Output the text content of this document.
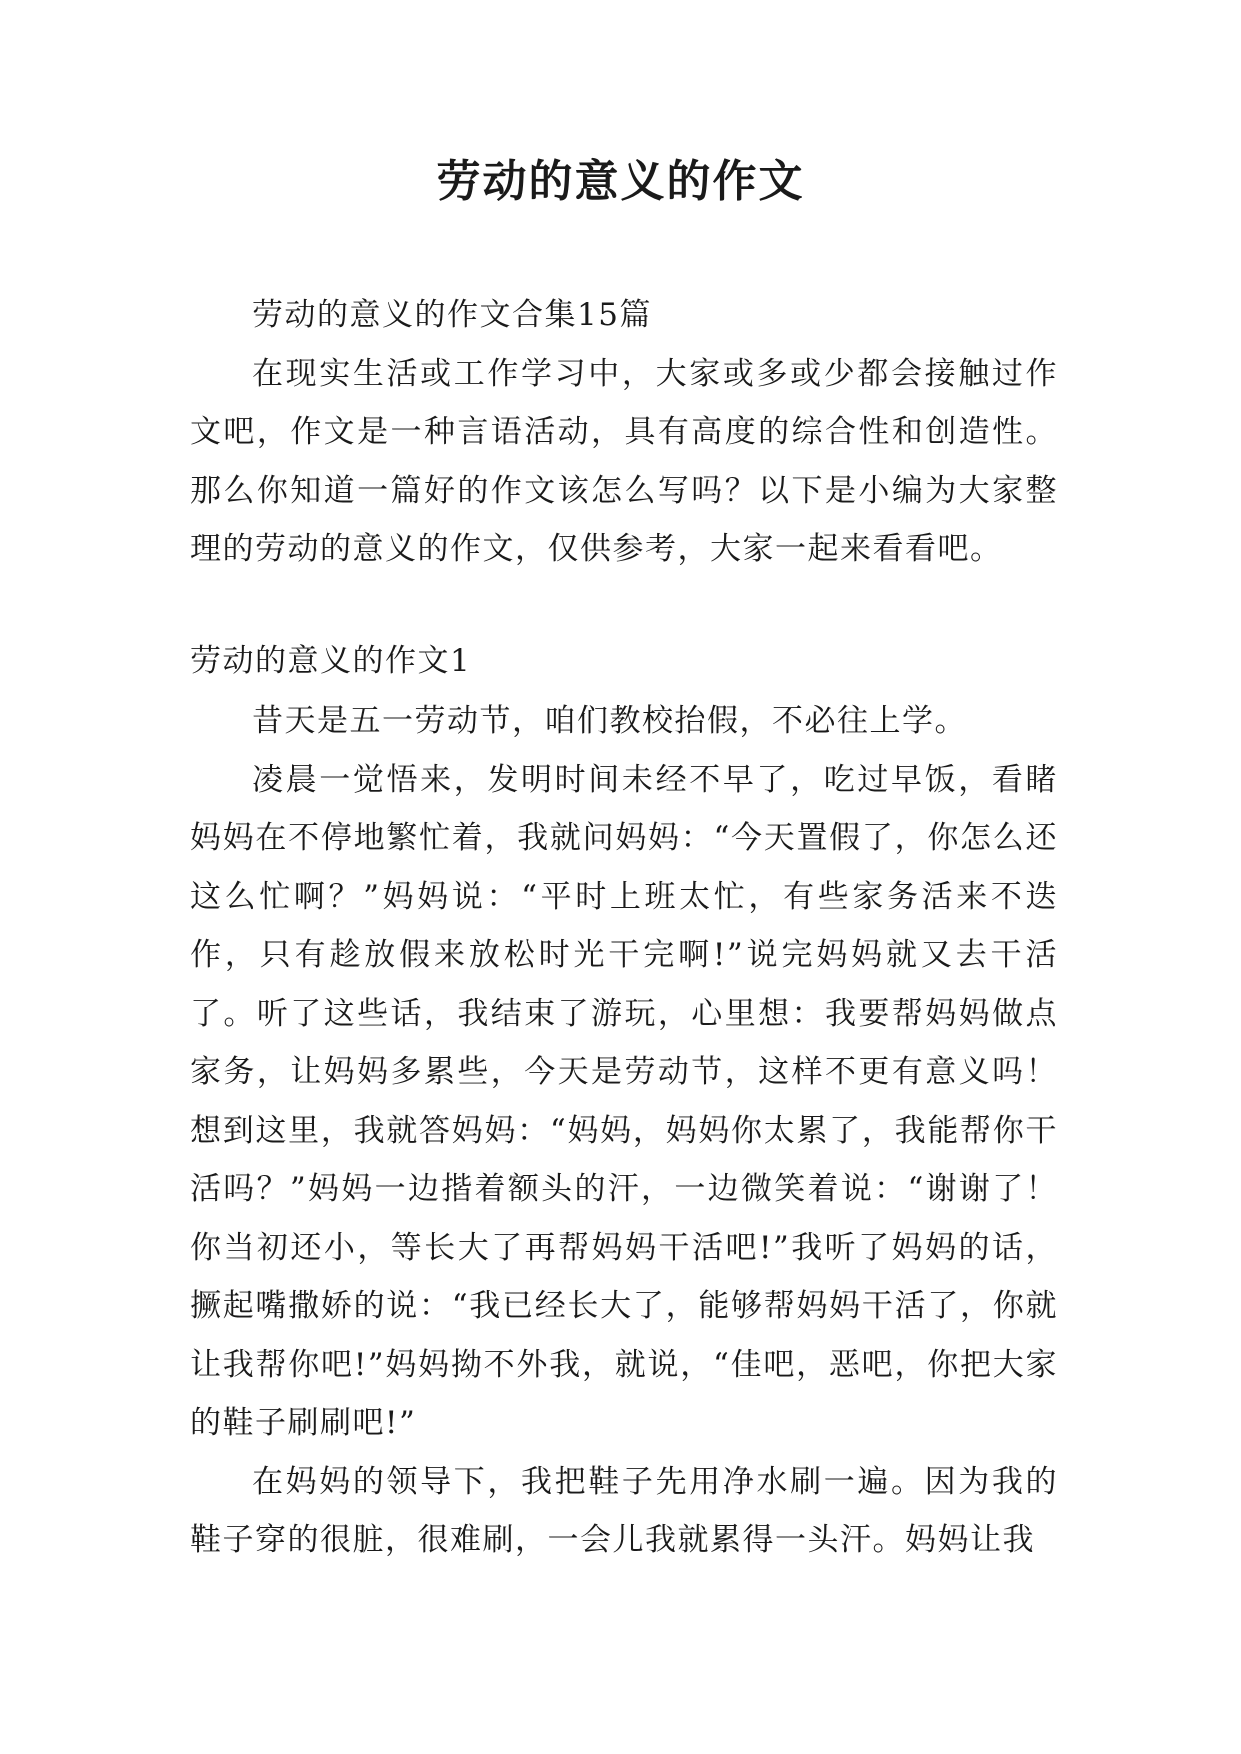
劳动的意义的作文

劳动的意义的作文合集15篇

在现实生活或工作学习中，大家或多或少都会接触过作文吧，作文是一种言语活动，具有高度的综合性和创造性。那么你知道一篇好的作文该怎么写吗？以下是小编为大家整理的劳动的意义的作文，仅供参考，大家一起来看看吧。

劳动的意义的作文1

昔天是五一劳动节，咱们教校抬假，不必往上学。

凌晨一觉悟来，发明时间未经不早了，吃过早饭，看睹妈妈在不停地繁忙着，我就问妈妈：“今天置假了，你怎么还这么忙啊？”妈妈说：“平时上班太忙，有些家务活来不迭作，只有趁放假来放松时光干完啊!”说完妈妈就又去干活了。听了这些话，我结束了游玩，心里想：我要帮妈妈做点家务，让妈妈多累些，今天是劳动节，这样不更有意义吗！想到这里，我就答妈妈：“妈妈，妈妈你太累了，我能帮你干活吗？”妈妈一边揩着额头的汗，一边微笑着说：“谢谢了！你当初还小，等长大了再帮妈妈干活吧!”我听了妈妈的话，撅起嘴撒娇的说：“我已经长大了，能够帮妈妈干活了，你就让我帮你吧!”妈妈拗不外我，就说，“佳吧，恶吧，你把大家的鞋子刷刷吧!”

在妈妈的领导下，我把鞋子先用净水刷一遍。因为我的鞋子穿的很脏，很难刷，一会儿我就累得一头汗。妈妈让我
